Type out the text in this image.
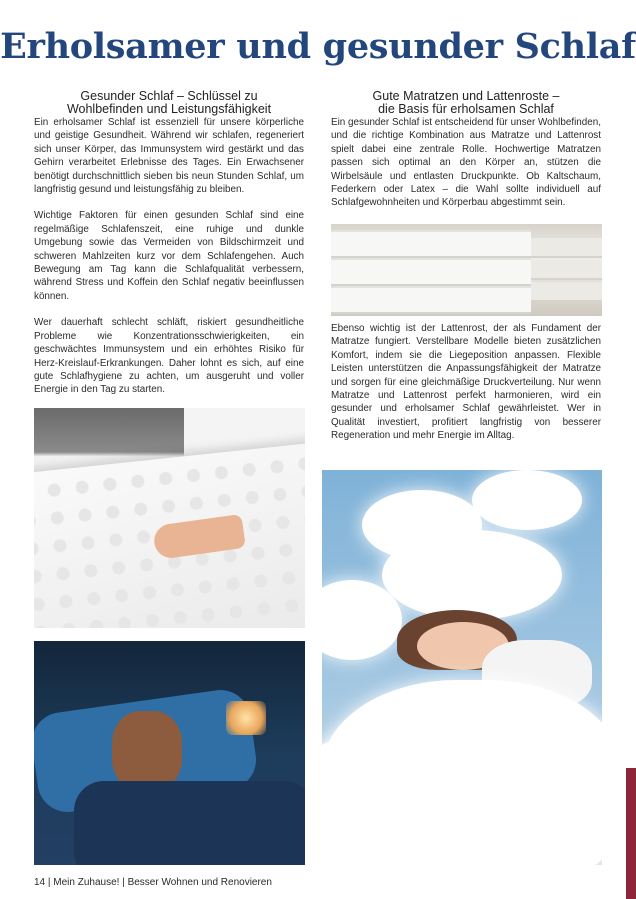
Erholsamer und gesunder Schlaf
Gesunder Schlaf – Schlüssel zu
Wohlbefinden und Leistungsfähigkeit

Ein erholsamer Schlaf ist essenziell für unsere körperliche und geistige Gesundheit. Während wir schlafen, regeneriert sich unser Körper, das Immunsystem wird gestärkt und das Gehirn verarbeitet Erlebnisse des Tages. Ein Erwachsener benötigt durchschnittlich sieben bis neun Stunden Schlaf, um langfristig gesund und leistungsfähig zu bleiben.

Wichtige Faktoren für einen gesunden Schlaf sind eine regelmäßige Schlafenszeit, eine ruhige und dunkle Umgebung sowie das Vermeiden von Bildschirmzeit und schweren Mahlzeiten kurz vor dem Schlafengehen. Auch Bewegung am Tag kann die Schlafqualität verbessern, während Stress und Koffein den Schlaf negativ beeinflussen können.

Wer dauerhaft schlecht schläft, riskiert gesundheitliche Probleme wie Konzentrationsschwierigkeiten, ein geschwächtes Immunsystem und ein erhöhtes Risiko für Herz-Kreislauf-Erkrankungen. Daher lohnt es sich, auf eine gute Schlafhygiene zu achten, um ausgeruht und voller Energie in den Tag zu starten.

Gute Matratzen und Lattenroste –
die Basis für erholsamen Schlaf

Ein gesunder Schlaf ist entscheidend für unser Wohlbefinden, und die richtige Kombination aus Matratze und Lattenrost spielt dabei eine zentrale Rolle. Hochwertige Matratzen passen sich optimal an den Körper an, stützen die Wirbelsäule und entlasten Druckpunkte. Ob Kaltschaum, Federkern oder Latex – die Wahl sollte individuell auf Schlafgewohnheiten und Körperbau abgestimmt sein.

Ebenso wichtig ist der Lattenrost, der als Fundament der Matratze fungiert. Verstellbare Modelle bieten zusätzlichen Komfort, indem sie die Liegeposition anpassen. Flexible Leisten unterstützen die Anpassungsfähigkeit der Matratze und sorgen für eine gleichmäßige Druckverteilung. Nur wenn Matratze und Lattenrost perfekt harmonieren, wird ein gesunder und erholsamer Schlaf gewährleistet. Wer in Qualität investiert, profitiert langfristig von besserer Regeneration und mehr Energie im Alltag.

14 | Mein Zuhause! | Besser Wohnen und Renovieren
